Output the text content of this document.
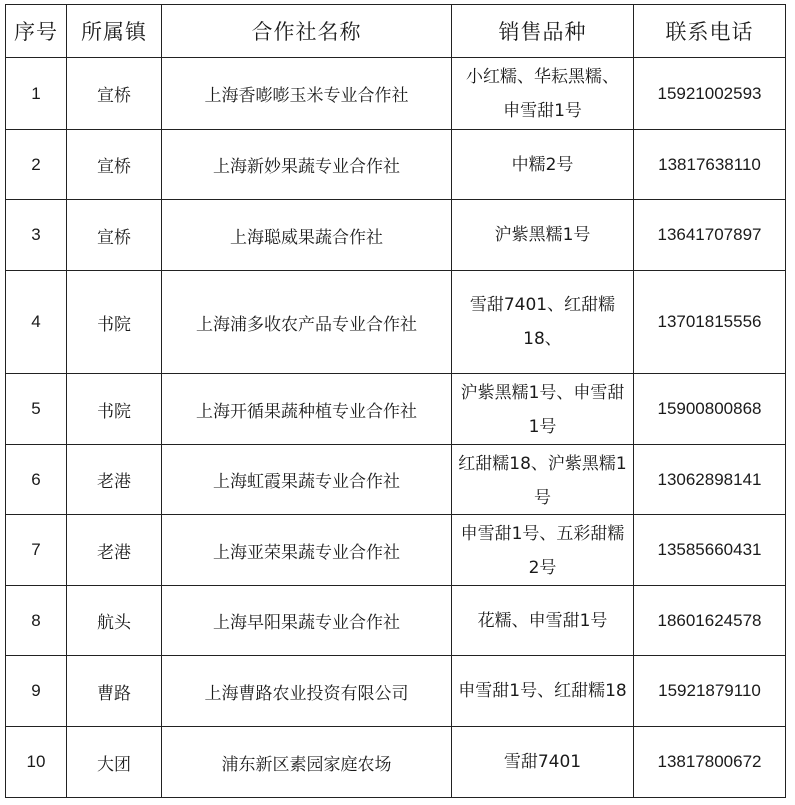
序号	所属镇	合作社名称	销售品种	联系电话
1	宣桥	上海香嘭嘭玉米专业合作社	小红糯、华耘黑糯、申雪甜1号	15921002593
2	宣桥	上海新妙果蔬专业合作社	中糯2号	13817638110
3	宣桥	上海聪威果蔬合作社	沪紫黑糯1号	13641707897
4	书院	上海浦多收农产品专业合作社	雪甜7401、红甜糯18、	13701815556
5	书院	上海开循果蔬种植专业合作社	沪紫黑糯1号、申雪甜1号	15900800868
6	老港	上海虹霞果蔬专业合作社	红甜糯18、沪紫黑糯1号	13062898141
7	老港	上海亚荣果蔬专业合作社	申雪甜1号、五彩甜糯2号	13585660431
8	航头	上海早阳果蔬专业合作社	花糯、申雪甜1号	18601624578
9	曹路	上海曹路农业投资有限公司	申雪甜1号、红甜糯18	15921879110
10	大团	浦东新区素园家庭农场	雪甜7401	13817800672
